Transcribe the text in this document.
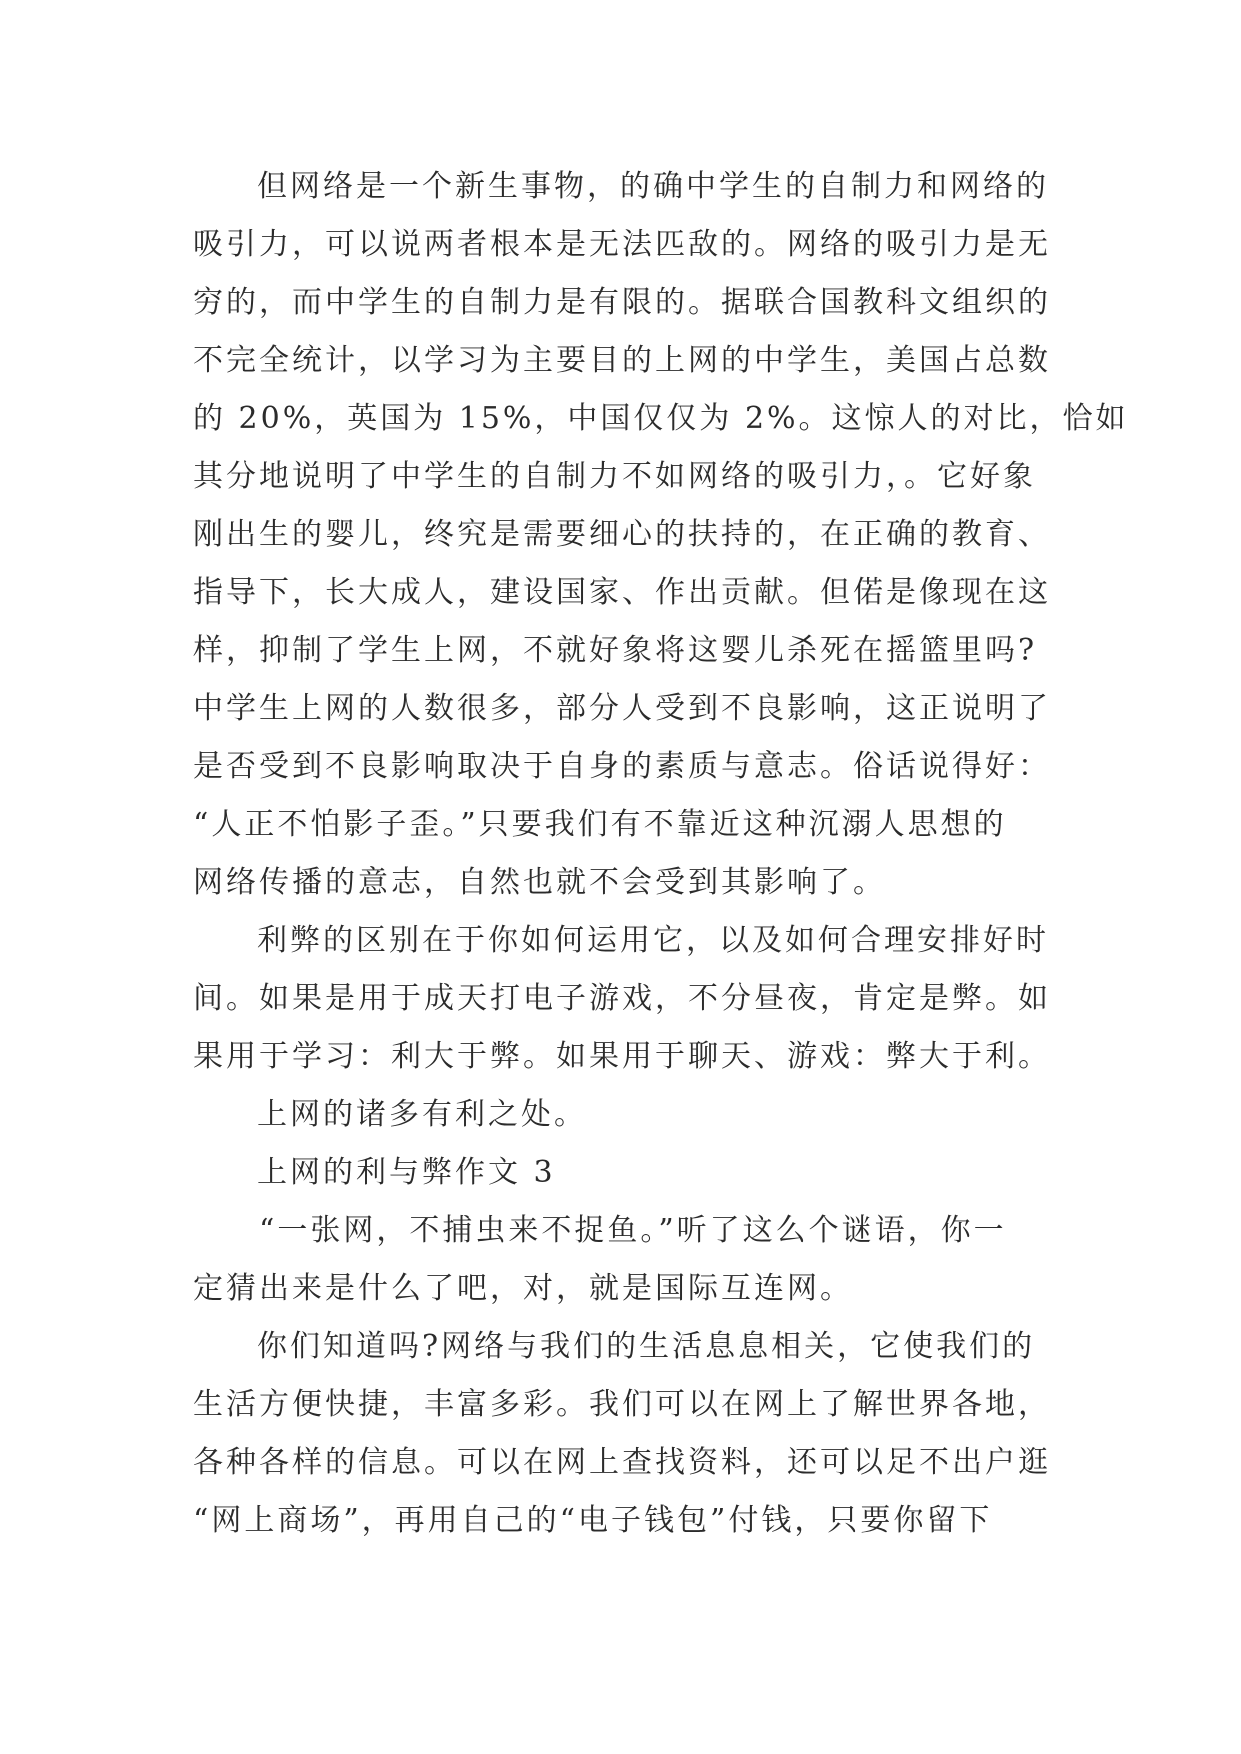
但网络是一个新生事物，的确中学生的自制力和网络的
吸引力，可以说两者根本是无法匹敌的。网络的吸引力是无
穷的，而中学生的自制力是有限的。据联合国教科文组织的
不完全统计，以学习为主要目的上网的中学生，美国占总数
的 20%，英国为 15%，中国仅仅为 2%。这惊人的对比，恰如
其分地说明了中学生的自制力不如网络的吸引力，。它好象
刚出生的婴儿，终究是需要细心的扶持的，在正确的教育、
指导下，长大成人，建设国家、作出贡献。但偌是像现在这
样，抑制了学生上网，不就好象将这婴儿杀死在摇篮里吗?
中学生上网的人数很多，部分人受到不良影响，这正说明了
是否受到不良影响取决于自身的素质与意志。俗话说得好：
“人正不怕影子歪。”只要我们有不靠近这种沉溺人思想的
网络传播的意志，自然也就不会受到其影响了。
利弊的区别在于你如何运用它，以及如何合理安排好时
间。如果是用于成天打电子游戏，不分昼夜，肯定是弊。如
果用于学习：利大于弊。如果用于聊天、游戏：弊大于利。
上网的诸多有利之处。
上网的利与弊作文 3
“一张网，不捕虫来不捉鱼。”听了这么个谜语，你一
定猜出来是什么了吧，对，就是国际互连网。
你们知道吗?网络与我们的生活息息相关，它使我们的
生活方便快捷，丰富多彩。我们可以在网上了解世界各地，
各种各样的信息。可以在网上查找资料，还可以足不出户逛
“网上商场”，再用自己的“电子钱包”付钱，只要你留下
